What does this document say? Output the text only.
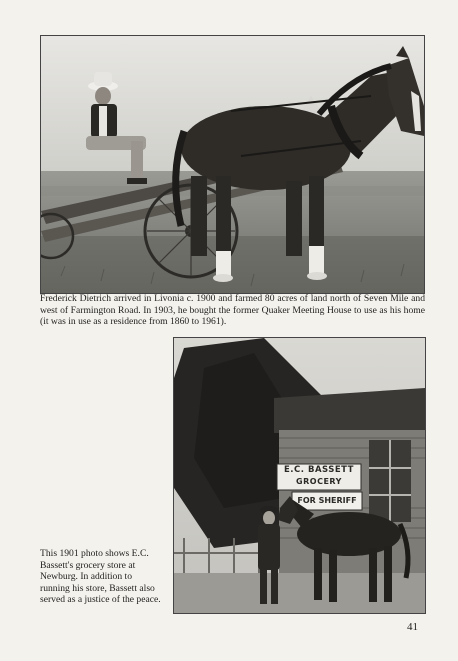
Frederick Dietrich arrived in Livonia c. 1900 and farmed 80 acres of land north of Seven Mile and west of Farmington Road. In 1903, he bought the former Quaker Meeting House to use as his home (it was in use as a residence from 1860 to 1961).

E.C. BASSETT
GROCERY
FOR SHERIFF

This 1901 photo shows E.C. Bassett's grocery store at Newburg. In addition to running his store, Bassett also served as a justice of the peace.

41
